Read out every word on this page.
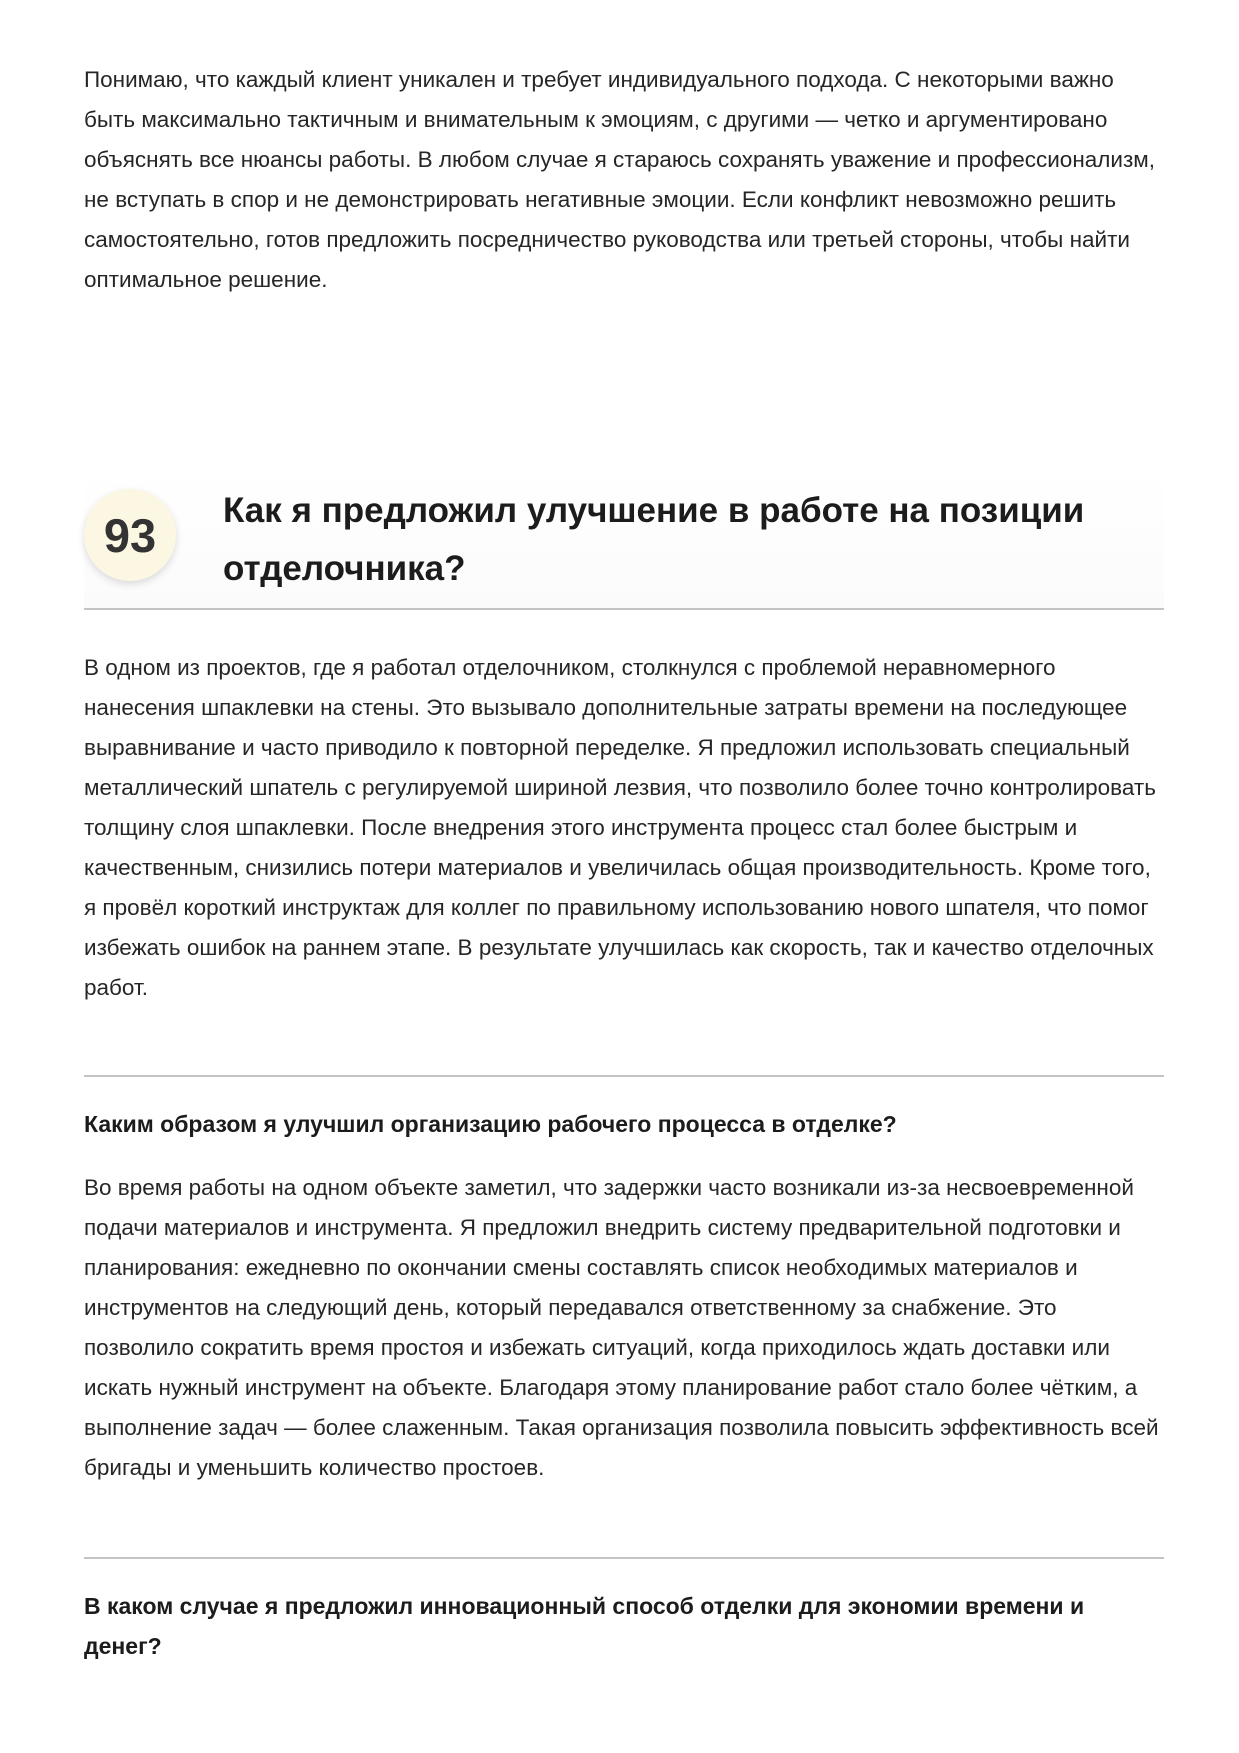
Понимаю, что каждый клиент уникален и требует индивидуального подхода. С некоторыми важно быть максимально тактичным и внимательным к эмоциям, с другими — четко и аргументировано объяснять все нюансы работы. В любом случае я стараюсь сохранять уважение и профессионализм, не вступать в спор и не демонстрировать негативные эмоции. Если конфликт невозможно решить самостоятельно, готов предложить посредничество руководства или третьей стороны, чтобы найти оптимальное решение.

93	Как я предложил улучшение в работе на позиции отделочника?

В одном из проектов, где я работал отделочником, столкнулся с проблемой неравномерного нанесения шпаклевки на стены. Это вызывало дополнительные затраты времени на последующее выравнивание и часто приводило к повторной переделке. Я предложил использовать специальный металлический шпатель с регулируемой шириной лезвия, что позволило более точно контролировать толщину слоя шпаклевки. После внедрения этого инструмента процесс стал более быстрым и качественным, снизились потери материалов и увеличилась общая производительность. Кроме того, я провёл короткий инструктаж для коллег по правильному использованию нового шпателя, что помог избежать ошибок на раннем этапе. В результате улучшилась как скорость, так и качество отделочных работ.

Каким образом я улучшил организацию рабочего процесса в отделке?

Во время работы на одном объекте заметил, что задержки часто возникали из-за несвоевременной подачи материалов и инструмента. Я предложил внедрить систему предварительной подготовки и планирования: ежедневно по окончании смены составлять список необходимых материалов и инструментов на следующий день, который передавался ответственному за снабжение. Это позволило сократить время простоя и избежать ситуаций, когда приходилось ждать доставки или искать нужный инструмент на объекте. Благодаря этому планирование работ стало более чётким, а выполнение задач — более слаженным. Такая организация позволила повысить эффективность всей бригады и уменьшить количество простоев.

В каком случае я предложил инновационный способ отделки для экономии времени и денег?
